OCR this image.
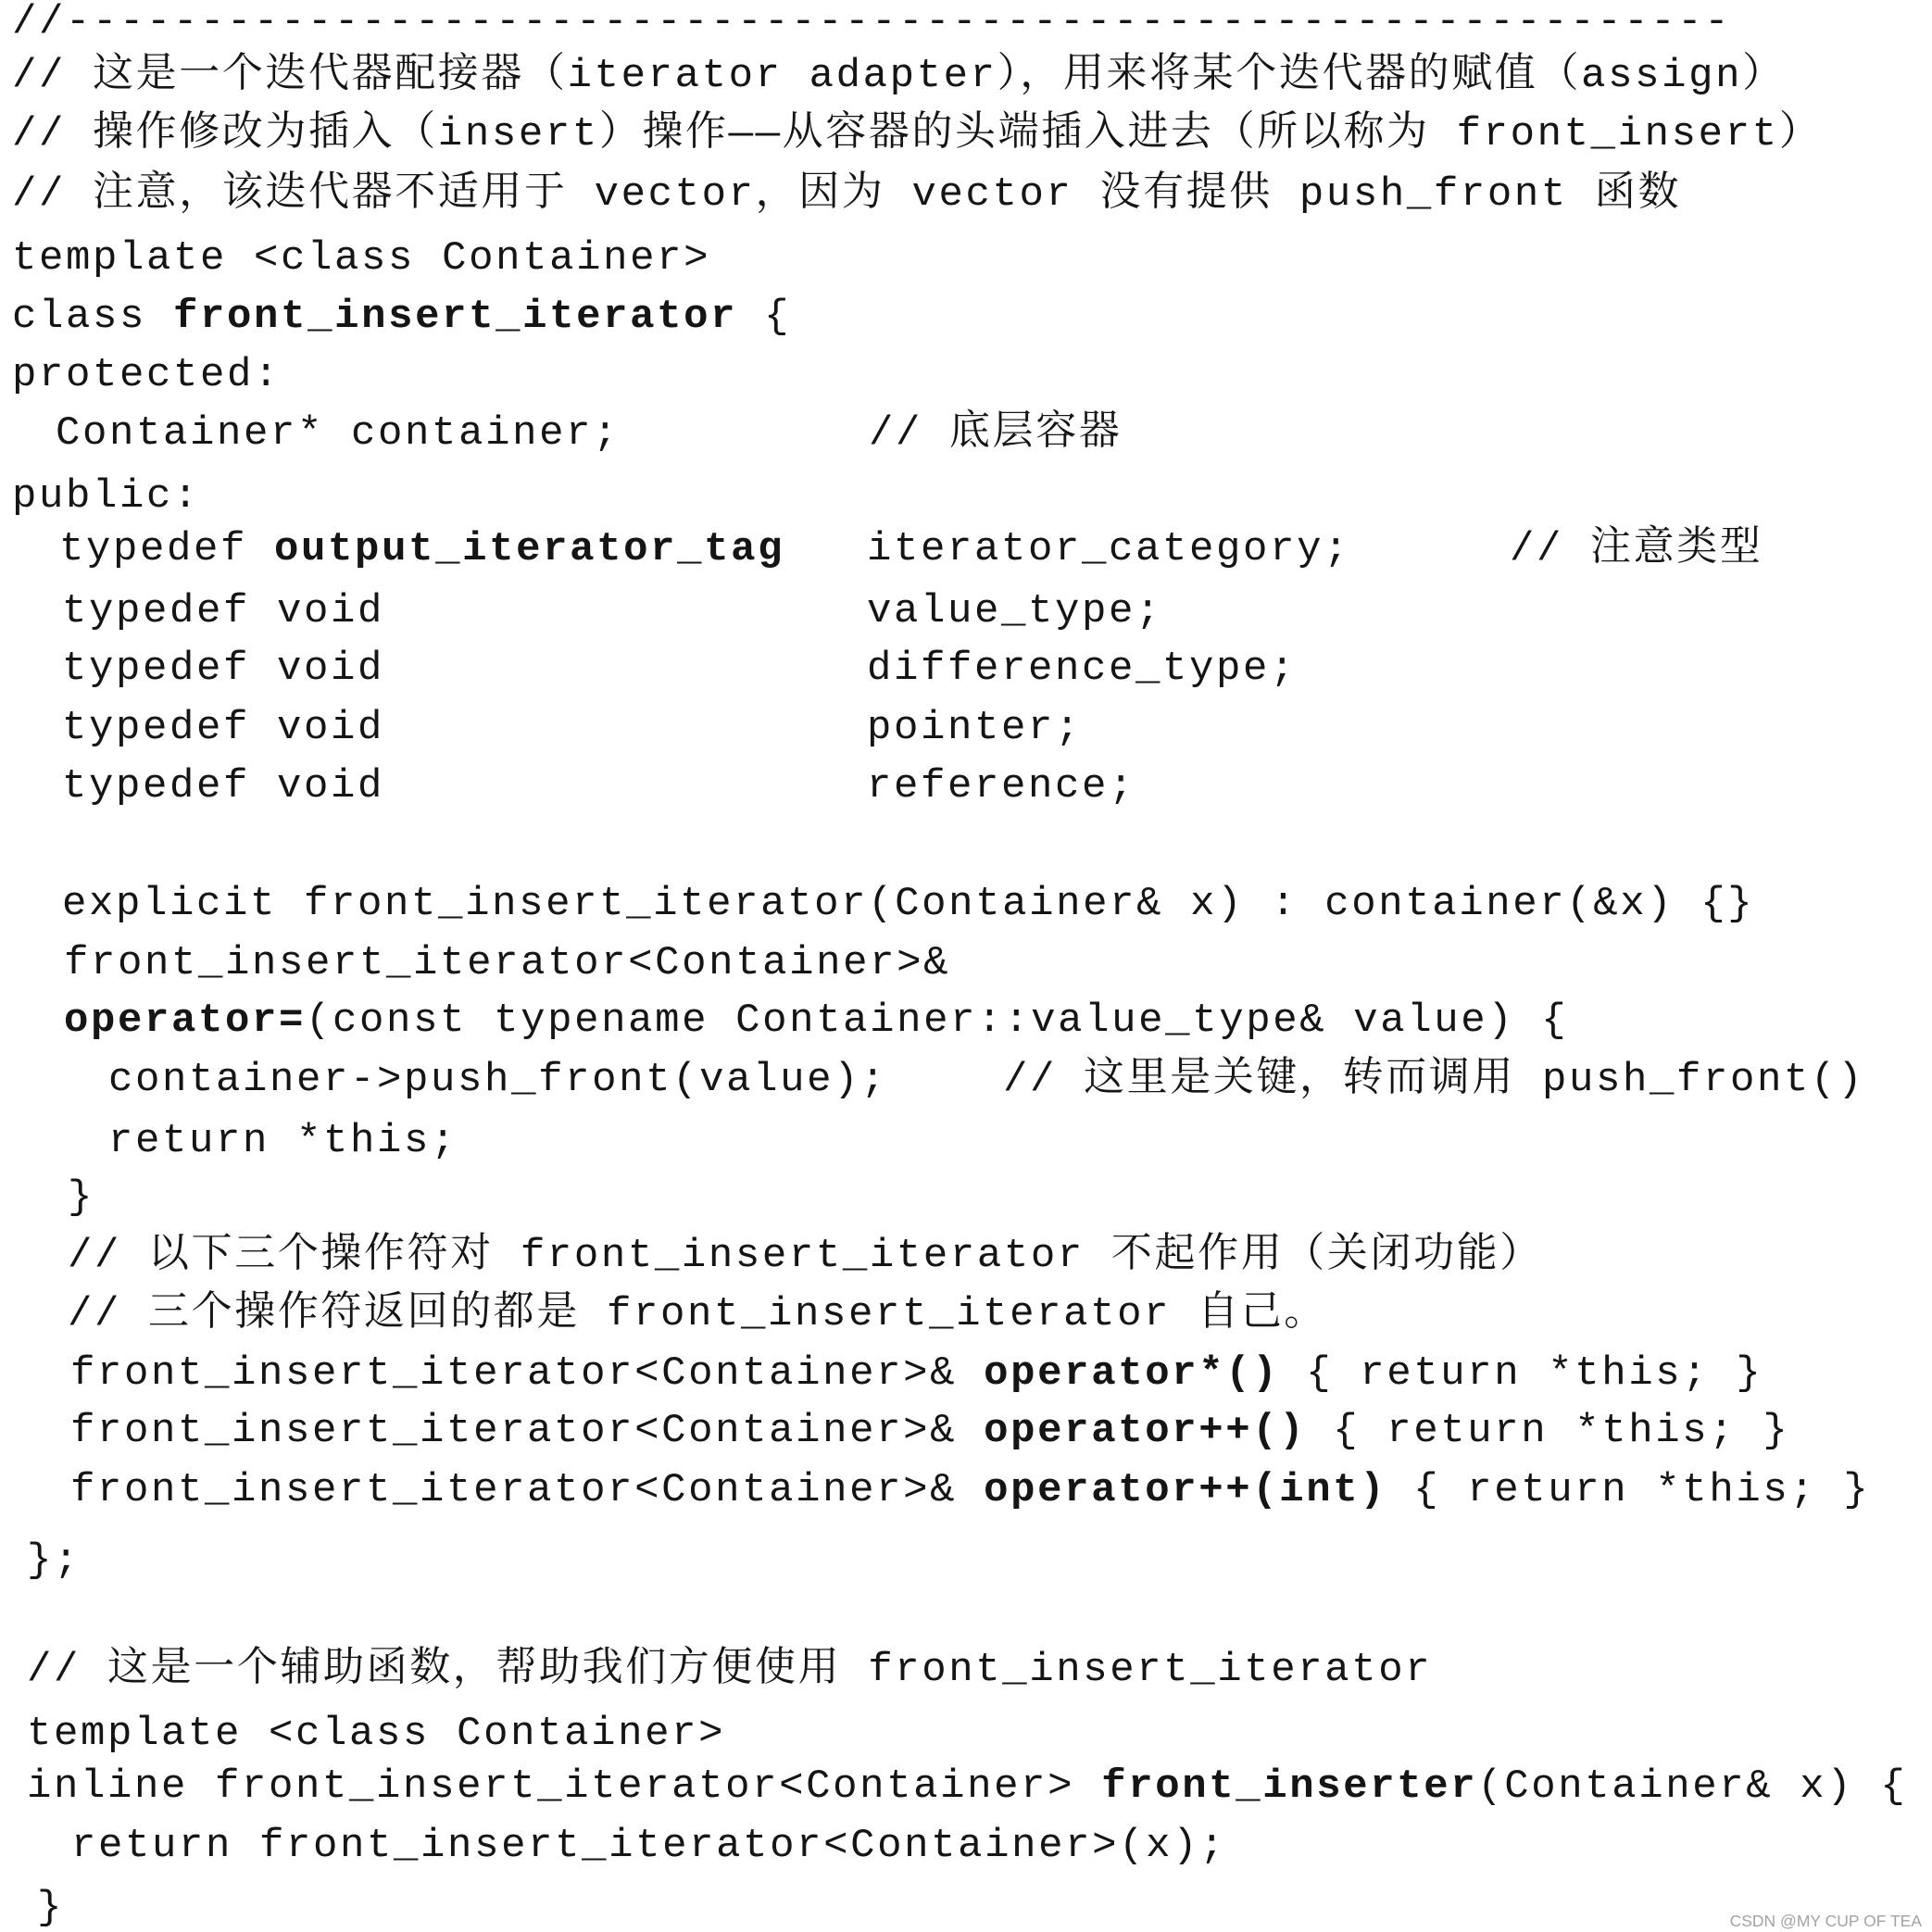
//--------------------------------------------------------------
// 这是一个迭代器配接器（iterator adapter），用来将某个迭代器的赋值（assign）
// 操作修改为插入（insert）操作——从容器的头端插入进去（所以称为 front_insert）
// 注意，该迭代器不适用于 vector，因为 vector 没有提供 push_front 函数
template <class Container>
class front_insert_iterator {
protected:
Container* container;	// 底层容器
public:
typedef output_iterator_tag iterator_category;	// 注意类型
typedef void	value_type;
typedef void	difference_type;
typedef void	pointer;
typedef void	reference;
explicit front_insert_iterator(Container& x) : container(&x) {}
front_insert_iterator<Container>&
operator=(const typename Container::value_type& value) {
container->push_front(value);	// 这里是关键，转而调用 push_front()
return *this;
}
// 以下三个操作符对 front_insert_iterator 不起作用（关闭功能）
// 三个操作符返回的都是 front_insert_iterator 自己。
front_insert_iterator<Container>& operator*() { return *this; }
front_insert_iterator<Container>& operator++() { return *this; }
front_insert_iterator<Container>& operator++(int) { return *this; }
};
// 这是一个辅助函数，帮助我们方便使用 front_insert_iterator
template <class Container>
inline front_insert_iterator<Container> front_inserter(Container& x) {
return front_insert_iterator<Container>(x);
}	CSDN @MY CUP OF TEA
